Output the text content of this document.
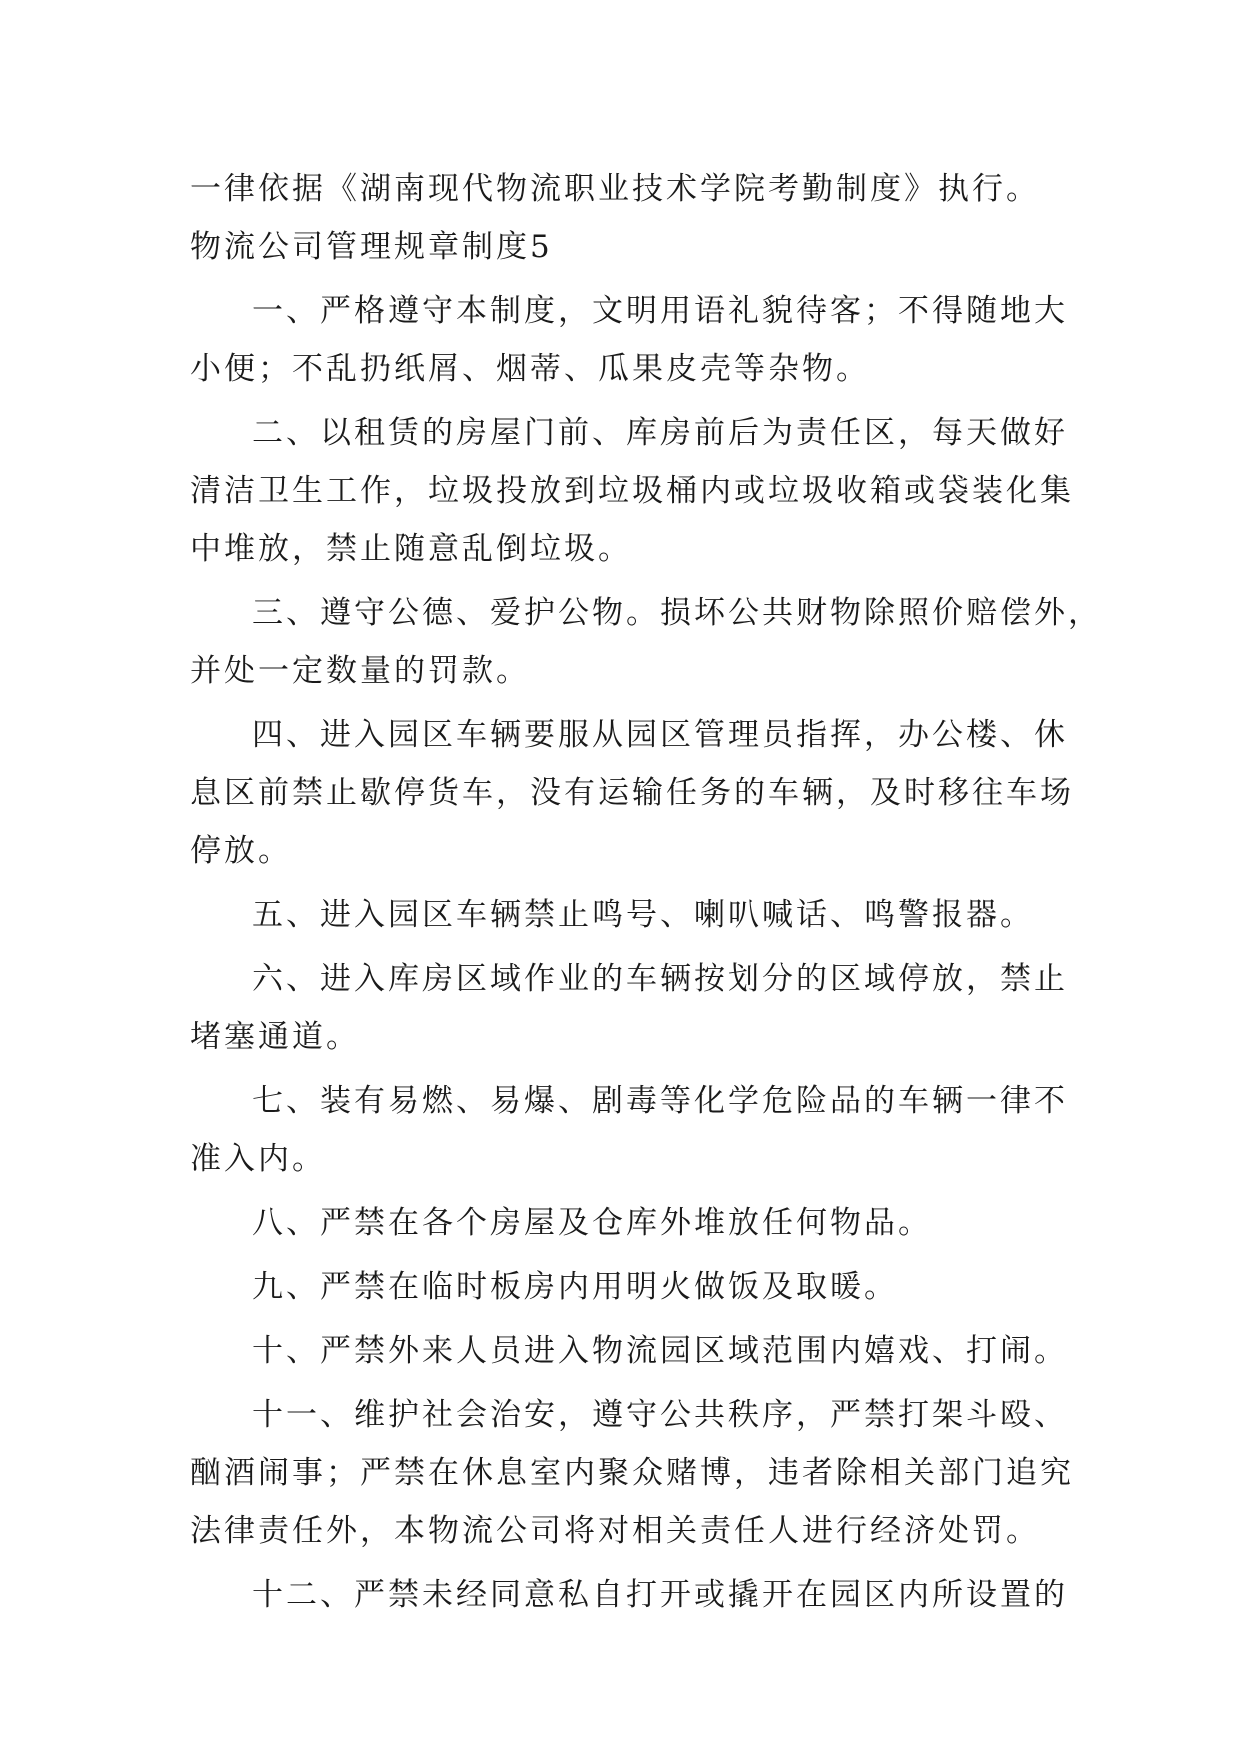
一律依据《湖南现代物流职业技术学院考勤制度》执行。
物流公司管理规章制度5
一、严格遵守本制度，文明用语礼貌待客；不得随地大
小便；不乱扔纸屑、烟蒂、瓜果皮壳等杂物。
二、以租赁的房屋门前、库房前后为责任区，每天做好
清洁卫生工作，垃圾投放到垃圾桶内或垃圾收箱或袋装化集
中堆放，禁止随意乱倒垃圾。
三、遵守公德、爱护公物。损坏公共财物除照价赔偿外，
并处一定数量的罚款。
四、进入园区车辆要服从园区管理员指挥，办公楼、休
息区前禁止歇停货车，没有运输任务的车辆，及时移往车场
停放。
五、进入园区车辆禁止鸣号、喇叭喊话、鸣警报器。
六、进入库房区域作业的车辆按划分的区域停放，禁止
堵塞通道。
七、装有易燃、易爆、剧毒等化学危险品的车辆一律不
准入内。
八、严禁在各个房屋及仓库外堆放任何物品。
九、严禁在临时板房内用明火做饭及取暖。
十、严禁外来人员进入物流园区域范围内嬉戏、打闹。
十一、维护社会治安，遵守公共秩序，严禁打架斗殴、
酗酒闹事；严禁在休息室内聚众赌博，违者除相关部门追究
法律责任外，本物流公司将对相关责任人进行经济处罚。
十二、严禁未经同意私自打开或撬开在园区内所设置的
